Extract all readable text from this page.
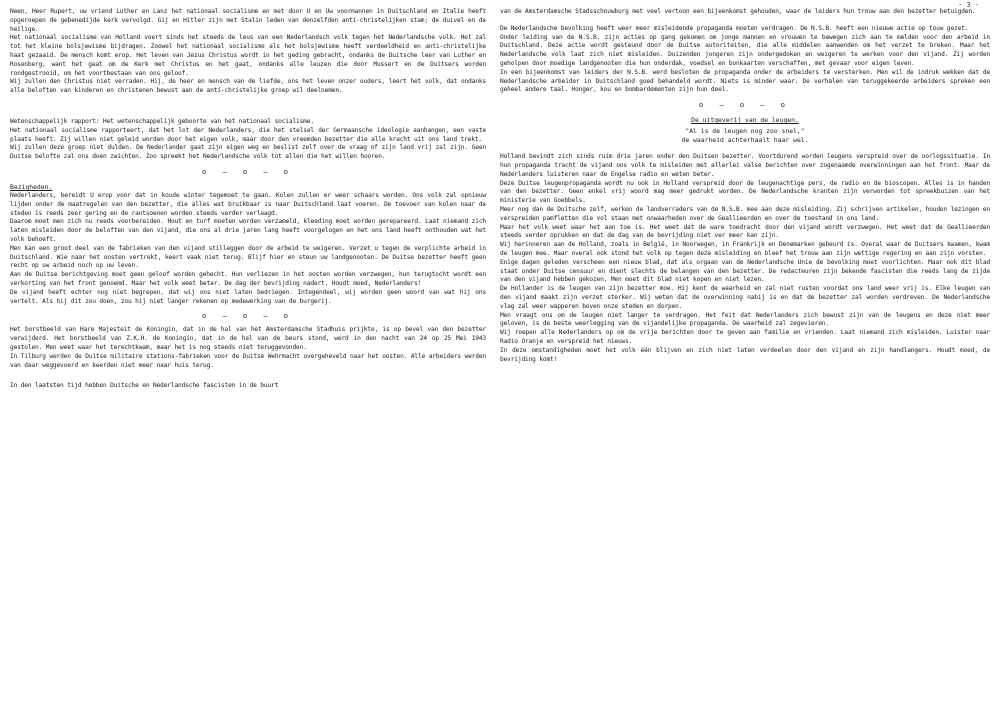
- 3 -

Neen, Heer Rupert, uw vriend Luther en Lanz het nationaal socialisme en met door U en Uw voormannen in Duitschland en Italie heeft opgeroepen de gebenedijde kerk vervolgd. Gij en Hitler zijn met Stalin leden van denzelfden anti-christelijken stam; de duivel en de heilige.

Het nationaal socialisme van Holland voert sinds het steeds de leus van een Nederlandsch volk tegen het Nederlandsche volk. Het zal tot het kleine bolsjewisme bijdragen. Zoowel het nationaal socialisme als het bolsjewisme heeft verdeeldheid en anti-christelijke haat gezaaid. De mensch komt erop. Het leven van Jezus Christus wordt in het geding gebracht, ondanks de Duitsche leer van Luther en Rosenberg, want het gaat om de Kerk met Christus en het gaat, ondanks alle leuzen die door Mussert en de Duitsers worden rondgestrooid, om het voortbestaan van ons geloof.

Wij zullen den Christus niet verraden. Hij, de heer en mensch van de liefde, ons het leven onzer ouders, leert het volk, dat ondanks alle beloften van kinderen en christenen bewust aan de anti-christelijke groep wil deelnemen.

Wetenschappelijk rapport: Het wetenschappelijk geboorte van het nationaal socialisme.

Het nationaal socialisme rapporteert, dat het lot der Nederlanders, die het stelsel der Germaansche ideologie aanhangen, een vaste plaats heeft. Zij willen niet geleid worden door het eigen volk, maar door den vreemden bezetter die alle kracht uit ons land trekt.

Wij zullen deze groep niet dulden. De Nederlander gaat zijn eigen weg en beslist zelf over de vraag of zijn land vrij zal zijn. Geen Duitse belofte zal ons doen zwichten. Zoo spreekt het Nederlandsche volk tot allen die het willen hooren.

o — o — o

Bezigheden.

Nederlanders, bereidt U erop voor dat in koude winter tegemoet te gaan. Kolen zullen er weer schaars worden. Ons volk zal opnieuw lijden onder de maatregelen van den bezetter, die alles wat bruikbaar is naar Duitschland laat voeren. De toevoer van kolen naar de steden is reeds zeer gering en de rantsoenen worden steeds verder verlaagd.

Daarom moet men zich nu reeds voorbereiden. Hout en turf moeten worden verzameld, kleeding moet worden gerepareerd. Laat niemand zich laten misleiden door de beloften van den vijand, die ons al drie jaren lang heeft voorgelogen en het ons land heeft onthouden wat het volk behoeft.

Men kan een groot deel van de fabrieken van den vijand stilleggen door de arbeid te weigeren. Verzet u tegen de verplichte arbeid in Duitschland. Wie naar het oosten vertrekt, keert vaak niet terug. Blijf hier en steun uw landgenooten. De Duitse bezetter heeft geen recht op uw arbeid noch op uw leven.

Aan de Duitse berichtgeving moet geen geloof worden gehecht. Hun verliezen in het oosten worden verzwegen, hun terugtocht wordt een verkorting van het front genoemd. Maar het volk weet beter. De dag der bevrijding nadert. Houdt moed, Nederlanders!

De vijand heeft echter nog niet begrepen, dat wij ons niet laten bedriegen. Integendeel, wij worden geen woord van wat hij ons vertelt. Als hij dit zou doen, zou hij niet langer rekenen op medewerking van de burgerij.

o — o — o

Het borstbeeld van Hare Majesteit de Koningin, dat in de hal van het Amsterdamsche Stadhuis prijkte, is op bevel van den bezetter verwijderd. Het borstbeeld van Z.K.H. de Koningin, dat in de hal van de beurs stond, werd in den nacht van 24 op 25 Mei 1943 gestolen. Men weet waar het terechtkwam, maar het is nog steeds niet teruggevonden.

In Tilburg werden de Duitse militaire stations-fabrieken voor de Duitse Wehrmacht overgeheveld naar het oosten. Alle arbeiders werden van daar weggevoerd en keerden niet meer naar huis terug.

In den laatsten tijd hebben Duitsche en Nederlandsche fascisten in de buurt

van de Amsterdamsche Stadsschouwburg met veel vertoon een bijeenkomst gehouden, waar de leiders hun trouw aan den bezetter betuigden.

De Nederlandsche bevolking heeft weer meer misleidende propaganda moeten verdragen. De N.S.B. heeft een nieuwe actie op touw gezet.

Onder leiding van de N.S.B. zijn acties op gang gekomen om jonge mannen en vrouwen te bewegen zich aan te melden voor den arbeid in Duitschland. Deze actie wordt gesteund door de Duitse autoriteiten, die alle middelen aanwenden om het verzet te breken. Maar het Nederlandsche volk laat zich niet misleiden. Duizenden jongeren zijn ondergedoken en weigeren te werken voor den vijand. Zij worden geholpen door moedige landgenooten die hun onderdak, voedsel en bonkaarten verschaffen, met gevaar voor eigen leven.

In een bijeenkomst van leiders der N.S.B. werd besloten de propaganda onder de arbeiders te versterken. Men wil de indruk wekken dat de Nederlandsche arbeider in Duitschland goed behandeld wordt. Niets is minder waar. De verhalen van teruggekeerde arbeiders spreken een geheel andere taal. Honger, kou en bombardementen zijn hun deel.

o — o — o

De uitgeverij van de leugen.

"Al is de leugen nog zoo snel,"
de waarheid achterhaalt haar wel.

Holland bevindt zich sinds ruim drie jaren onder den Duitsen bezetter. Voortdurend worden leugens verspreid over de oorlogssituatie. In hun propaganda tracht de vijand ons volk te misleiden met allerlei valse berichten over zogenaamde overwinningen aan het front. Maar de Nederlanders luisteren naar de Engelse radio en weten beter.

Deze Duitse leugenpropaganda wordt nu ook in Holland verspreid door de leugenachtige pers, de radio en de bioscopen. Alles is in handen van den bezetter. Geen enkel vrij woord mag meer gedrukt worden. De Nederlandsche kranten zijn verworden tot spreekbuizen van het ministerie van Goebbels.

Meer nog dan de Duitsche zelf, werken de landverraders van de N.S.B. mee aan deze misleiding. Zij schrijven artikelen, houden lezingen en verspreiden pamfletten die vol staan met onwaarheden over de Geallieerden en over de toestand in ons land.

Maar het volk weet waar het aan toe is. Het weet dat de ware toedracht door den vijand wordt verzwegen. Het weet dat de Geallieerden steeds verder oprukken en dat de dag van de bevrijding niet ver meer kan zijn.

Wij herinneren aan de Holland, zoals in België, in Noorwegen, in Frankrijk en Denemarken gebeurd is. Overal waar de Duitsers kwamen, kwam de leugen mee. Maar overal ook stond het volk op tegen deze misleiding en bleef het trouw aan zijn wettige regering en aan zijn vorsten.

Enige dagen geleden verscheen een nieuw blad, dat als orgaan van de Nederlandsche Unie de bevolking moet voorlichten. Maar ook dit blad staat onder Duitse censuur en dient slechts de belangen van den bezetter. De redacteuren zijn bekende fascisten die reeds lang de zijde van den vijand hebben gekozen. Men moet dit blad niet kopen en niet lezen.

De Hollander is de leugen van zijn bezetter moe. Hij kent de waarheid en zal niet rusten voordat ons land weer vrij is. Elke leugen van den vijand maakt zijn verzet sterker. Wij weten dat de overwinning nabij is en dat de bezetter zal worden verdreven. De Nederlandsche vlag zal weer wapperen boven onze steden en dorpen.

Men vraagt ons om de leugen niet langer te verdragen. Het feit dat Nederlanders zich bewust zijn van de leugens en deze niet meer geloven, is de beste weerlegging van de vijandelijke propaganda. De waarheid zal zegevieren.

Wij roepen alle Nederlanders op om de vrije berichten door te geven aan familie en vrienden. Laat niemand zich misleiden. Luister naar Radio Oranje en verspreid het nieuws.

In deze omstandigheden moet het volk één blijven en zich niet laten verdeelen door den vijand en zijn handlangers. Houdt moed, de bevrijding komt!
